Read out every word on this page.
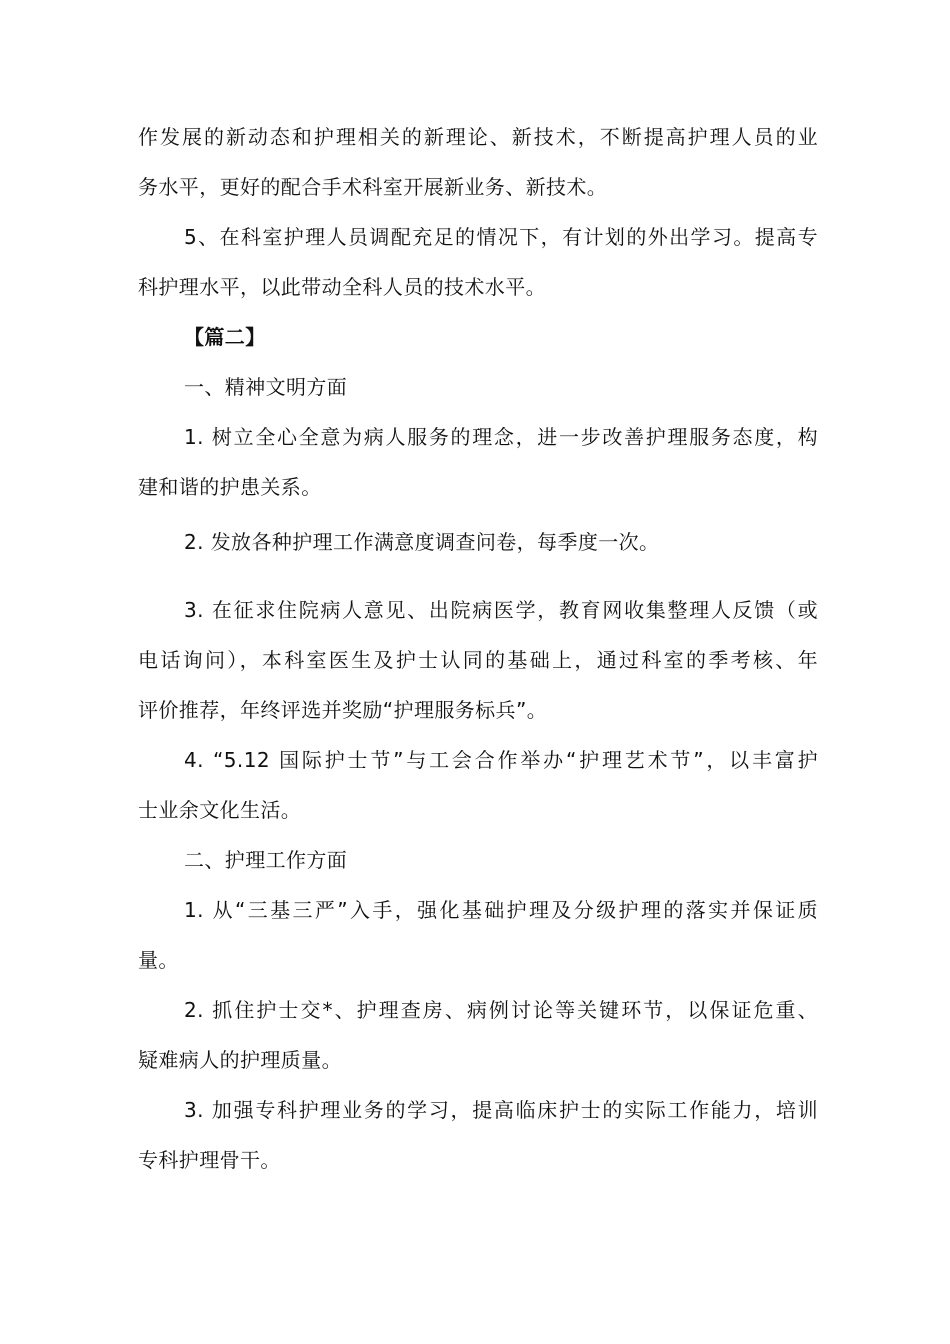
作发展的新动态和护理相关的新理论、新技术，不断提高护理人员的业
务水平，更好的配合手术科室开展新业务、新技术。
5、在科室护理人员调配充足的情况下，有计划的外出学习。提高专
科护理水平，以此带动全科人员的技术水平。
【篇二】
一、精神文明方面
1. 树立全心全意为病人服务的理念，进一步改善护理服务态度，构
建和谐的护患关系。
2. 发放各种护理工作满意度调查问卷，每季度一次。
3. 在征求住院病人意见、出院病医学，教育网收集整理人反馈（或
电话询问），本科室医生及护士认同的基础上，通过科室的季考核、年
评价推荐，年终评选并奖励“护理服务标兵”。
4. “5.12 国际护士节”与工会合作举办“护理艺术节”，以丰富护
士业余文化生活。
二、护理工作方面
1. 从“三基三严”入手，强化基础护理及分级护理的落实并保证质
量。
2. 抓住护士交*、护理查房、病例讨论等关键环节，以保证危重、
疑难病人的护理质量。
3. 加强专科护理业务的学习，提高临床护士的实际工作能力，培训
专科护理骨干。
